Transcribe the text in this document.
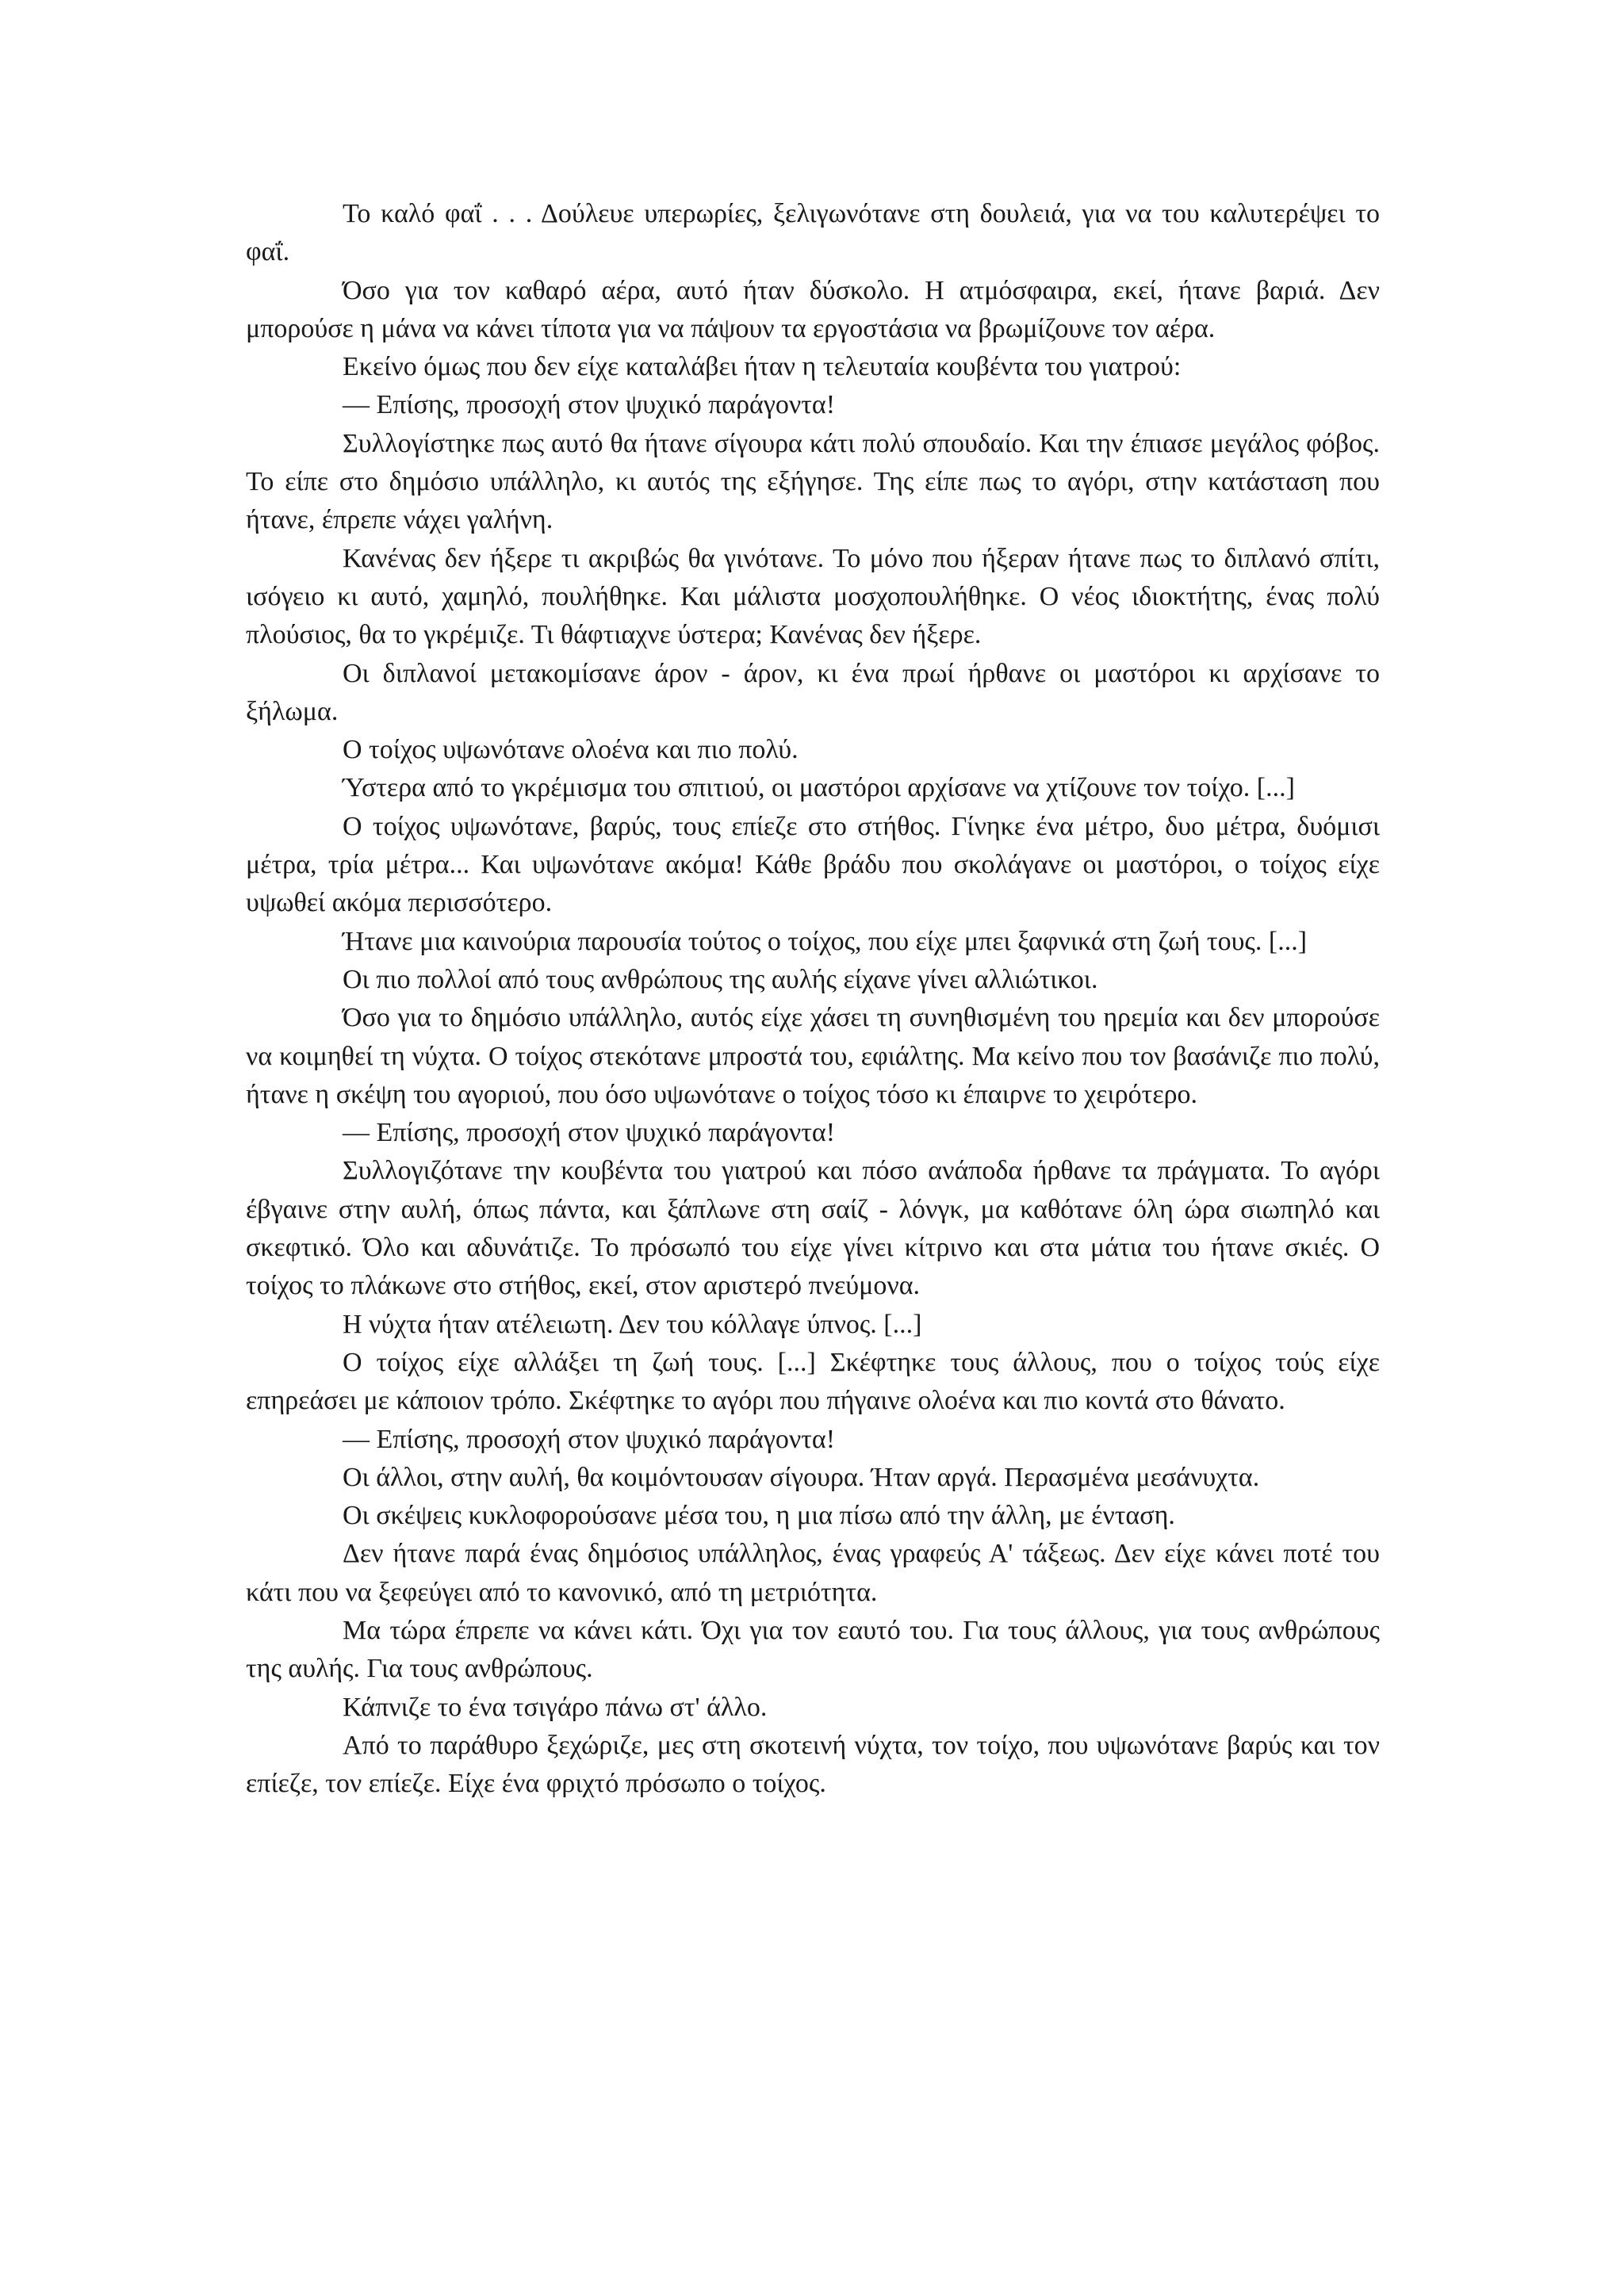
Το καλό φαΐ . . . Δούλευε υπερωρίες, ξελιγωνότανε στη δουλειά, για να του καλυτερέψει το φαΐ.

Όσο για τον καθαρό αέρα, αυτό ήταν δύσκολο. Η ατμόσφαιρα, εκεί, ήτανε βαριά. Δεν μπορούσε η μάνα να κάνει τίποτα για να πάψουν τα εργοστάσια να βρωμίζουνε τον αέρα.

Εκείνο όμως που δεν είχε καταλάβει ήταν η τελευταία κουβέντα του γιατρού:

— Επίσης, προσοχή στον ψυχικό παράγοντα!

Συλλογίστηκε πως αυτό θα ήτανε σίγουρα κάτι πολύ σπουδαίο. Και την έπιασε μεγάλος φόβος. Το είπε στο δημόσιο υπάλληλο, κι αυτός της εξήγησε. Της είπε πως το αγόρι, στην κατάσταση που ήτανε, έπρεπε νάχει γαλήνη.

Κανένας δεν ήξερε τι ακριβώς θα γινότανε. Το μόνο που ήξεραν ήτανε πως το διπλανό σπίτι, ισόγειο κι αυτό, χαμηλό, πουλήθηκε. Και μάλιστα μοσχοπουλήθηκε. Ο νέος ιδιοκτήτης, ένας πολύ πλούσιος, θα το γκρέμιζε. Τι θάφτιαχνε ύστερα; Κανένας δεν ήξερε.

Οι διπλανοί μετακομίσανε άρον - άρον, κι ένα πρωί ήρθανε οι μαστόροι κι αρχίσανε το ξήλωμα.

Ο τοίχος υψωνότανε ολοένα και πιο πολύ.

Ύστερα από το γκρέμισμα του σπιτιού, οι μαστόροι αρχίσανε να χτίζουνε τον τοίχο. [...]

Ο τοίχος υψωνότανε, βαρύς, τους επίεζε στο στήθος. Γίνηκε ένα μέτρο, δυο μέτρα, δυόμισι μέτρα, τρία μέτρα... Και υψωνότανε ακόμα! Κάθε βράδυ που σκολάγανε οι μαστόροι, ο τοίχος είχε υψωθεί ακόμα περισσότερο.

Ήτανε μια καινούρια παρουσία τούτος ο τοίχος, που είχε μπει ξαφνικά στη ζωή τους. [...]

Οι πιο πολλοί από τους ανθρώπους της αυλής είχανε γίνει αλλιώτικοι.

Όσο για το δημόσιο υπάλληλο, αυτός είχε χάσει τη συνηθισμένη του ηρεμία και δεν μπορούσε να κοιμηθεί τη νύχτα. Ο τοίχος στεκότανε μπροστά του, εφιάλτης. Μα κείνο που τον βασάνιζε πιο πολύ, ήτανε η σκέψη του αγοριού, που όσο υψωνότανε ο τοίχος τόσο κι έπαιρνε το χειρότερο.

— Επίσης, προσοχή στον ψυχικό παράγοντα!

Συλλογιζότανε την κουβέντα του γιατρού και πόσο ανάποδα ήρθανε τα πράγματα. Το αγόρι έβγαινε στην αυλή, όπως πάντα, και ξάπλωνε στη σαίζ - λόνγκ, μα καθότανε όλη ώρα σιωπηλό και σκεφτικό. Όλο και αδυνάτιζε. Το πρόσωπό του είχε γίνει κίτρινο και στα μάτια του ήτανε σκιές. Ο τοίχος το πλάκωνε στο στήθος, εκεί, στον αριστερό πνεύμονα.

Η νύχτα ήταν ατέλειωτη. Δεν του κόλλαγε ύπνος. [...]

Ο τοίχος είχε αλλάξει τη ζωή τους. [...] Σκέφτηκε τους άλλους, που ο τοίχος τούς είχε επηρεάσει με κάποιον τρόπο. Σκέφτηκε το αγόρι που πήγαινε ολοένα και πιο κοντά στο θάνατο.

— Επίσης, προσοχή στον ψυχικό παράγοντα!

Οι άλλοι, στην αυλή, θα κοιμόντουσαν σίγουρα. Ήταν αργά. Περασμένα μεσάνυχτα.

Οι σκέψεις κυκλοφορούσανε μέσα του, η μια πίσω από την άλλη, με ένταση.

Δεν ήτανε παρά ένας δημόσιος υπάλληλος, ένας γραφεύς Α' τάξεως. Δεν είχε κάνει ποτέ του κάτι που να ξεφεύγει από το κανονικό, από τη μετριότητα.

Μα τώρα έπρεπε να κάνει κάτι. Όχι για τον εαυτό του. Για τους άλλους, για τους ανθρώπους της αυλής. Για τους ανθρώπους.

Κάπνιζε το ένα τσιγάρο πάνω στ' άλλο.

Από το παράθυρο ξεχώριζε, μες στη σκοτεινή νύχτα, τον τοίχο, που υψωνότανε βαρύς και τον επίεζε, τον επίεζε. Είχε ένα φριχτό πρόσωπο ο τοίχος.
